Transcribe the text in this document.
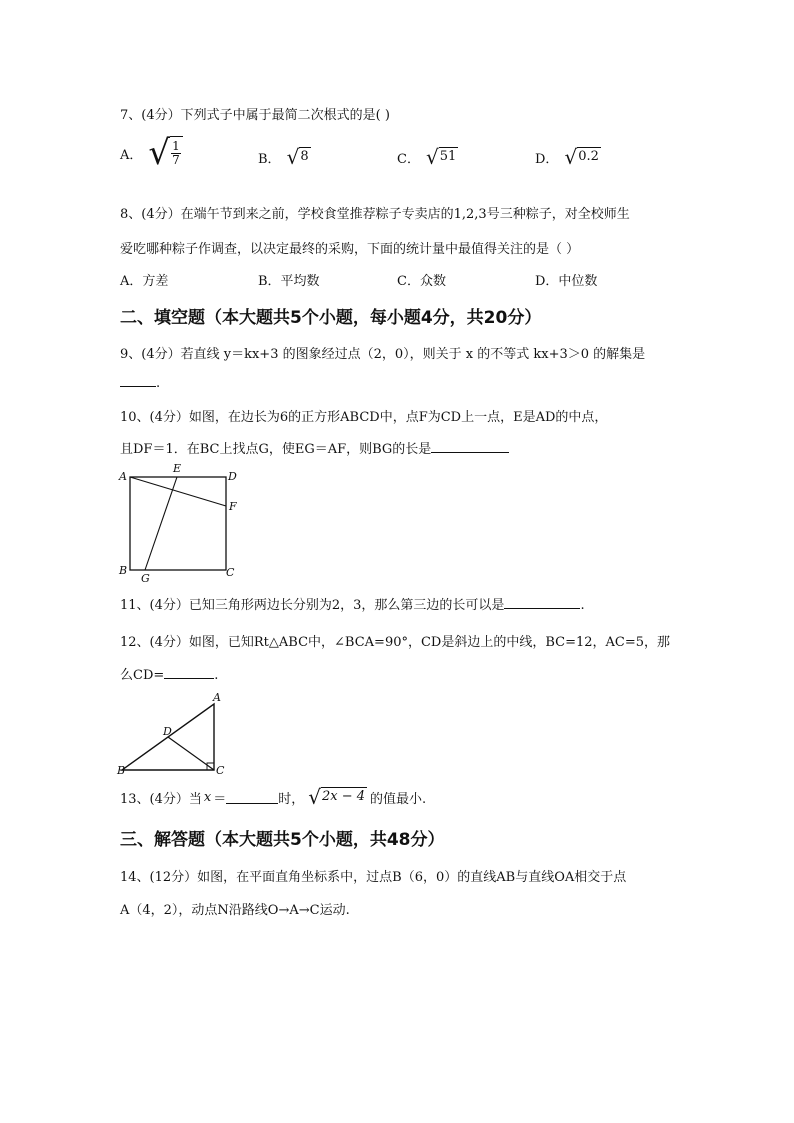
7、(4分）下列式子中属于最简二次根式的是( )
A． √ $\frac{1}{7}$	B． √ 8	C． √ 51	D． √ 0.2
8、(4分）在端午节到来之前，学校食堂推荐粽子专卖店的1,2,3号三种粽子，对全校师生
爱吃哪种粽子作调查，以决定最终的采购，下面的统计量中最值得关注的是（ ）
A．方差	B．平均数	C．众数	D．中位数
二、填空题（本大题共5个小题，每小题4分，共20分）
9、(4分）若直线 y＝kx+3 的图象经过点（2，0），则关于 x 的不等式 kx+3＞0 的解集是
.
10、(4分）如图，在边长为6的正方形ABCD中，点F为CD上一点，E是AD的中点，
且DF＝1．在BC上找点G，使EG＝AF，则BG的长是
A
E
D
F
B
G	C
11、(4分）已知三角形两边长分别为2，3，那么第三边的长可以是	.
12、(4分）如图，已知Rt△ABC中，∠BCA=90°，CD是斜边上的中线，BC=12，AC=5，那
么CD=	.
A
D
B	C
13、(4分）当 x ＝	时， √ 2x − 4 的值最小.
三、解答题（本大题共5个小题，共48分）
14、(12分）如图，在平面直角坐标系中，过点B（6，0）的直线AB与直线OA相交于点
A（4，2），动点N沿路线O→A→C运动.
